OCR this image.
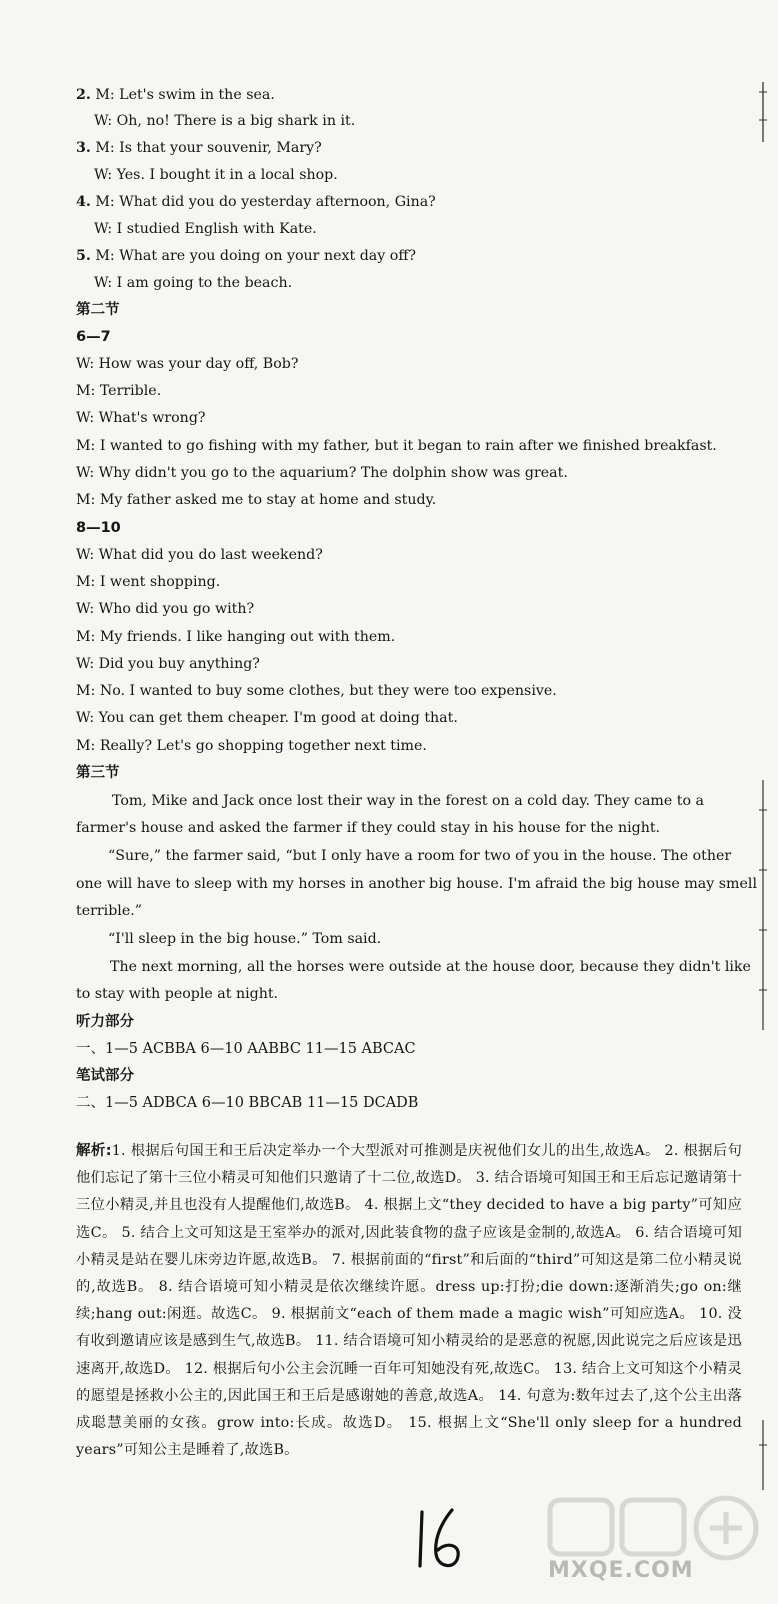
2. M: Let's swim in the sea.
W: Oh, no! There is a big shark in it.
3. M: Is that your souvenir, Mary?
W: Yes. I bought it in a local shop.
4. M: What did you do yesterday afternoon, Gina?
W: I studied English with Kate.
5. M: What are you doing on your next day off?
W: I am going to the beach.
第二节
6—7
W: How was your day off, Bob?
M: Terrible.
W: What's wrong?
M: I wanted to go fishing with my father, but it began to rain after we finished breakfast.
W: Why didn't you go to the aquarium? The dolphin show was great.
M: My father asked me to stay at home and study.
8—10
W: What did you do last weekend?
M: I went shopping.
W: Who did you go with?
M: My friends. I like hanging out with them.
W: Did you buy anything?
M: No. I wanted to buy some clothes, but they were too expensive.
W: You can get them cheaper. I'm good at doing that.
M: Really? Let's go shopping together next time.
第三节
Tom, Mike and Jack once lost their way in the forest on a cold day. They came to a
farmer's house and asked the farmer if they could stay in his house for the night.
“Sure,” the farmer said, “but I only have a room for two of you in the house. The other
one will have to sleep with my horses in another big house. I'm afraid the big house may smell
terrible.”
“I'll sleep in the big house.” Tom said.
The next morning, all the horses were outside at the house door, because they didn't like
to stay with people at night.
听力部分
一、1—5 ACBBA 6—10 AABBC 11—15 ABCAC
笔试部分
二、1—5 ADBCA 6—10 BBCAB 11—15 DCADB
解析:1. 根据后句国王和王后决定举办一个大型派对可推测是庆祝他们女儿的出生,故选A。 2. 根据后句他们忘记了第十三位小精灵可知他们只邀请了十二位,故选D。 3. 结合语境可知国王和王后忘记邀请第十三位小精灵,并且也没有人提醒他们,故选B。 4. 根据上文“they decided to have a big party”可知应选C。 5. 结合上文可知这是王室举办的派对,因此装食物的盘子应该是金制的,故选A。 6. 结合语境可知小精灵是站在婴儿床旁边许愿,故选B。 7. 根据前面的“first”和后面的“third”可知这是第二位小精灵说的,故选B。 8. 结合语境可知小精灵是依次继续许愿。dress up:打扮;die down:逐渐消失;go on:继续;hang out:闲逛。故选C。 9. 根据前文“each of them made a magic wish”可知应选A。 10. 没有收到邀请应该是感到生气,故选B。 11. 结合语境可知小精灵给的是恶意的祝愿,因此说完之后应该是迅速离开,故选D。 12. 根据后句小公主会沉睡一百年可知她没有死,故选C。 13. 结合上文可知这个小精灵的愿望是拯救小公主的,因此国王和王后是感谢她的善意,故选A。 14. 句意为:数年过去了,这个公主出落成聪慧美丽的女孩。grow into:长成。故选D。 15. 根据上文“She'll only sleep for a hundred years”可知公主是睡着了,故选B。
MXQE.COM
